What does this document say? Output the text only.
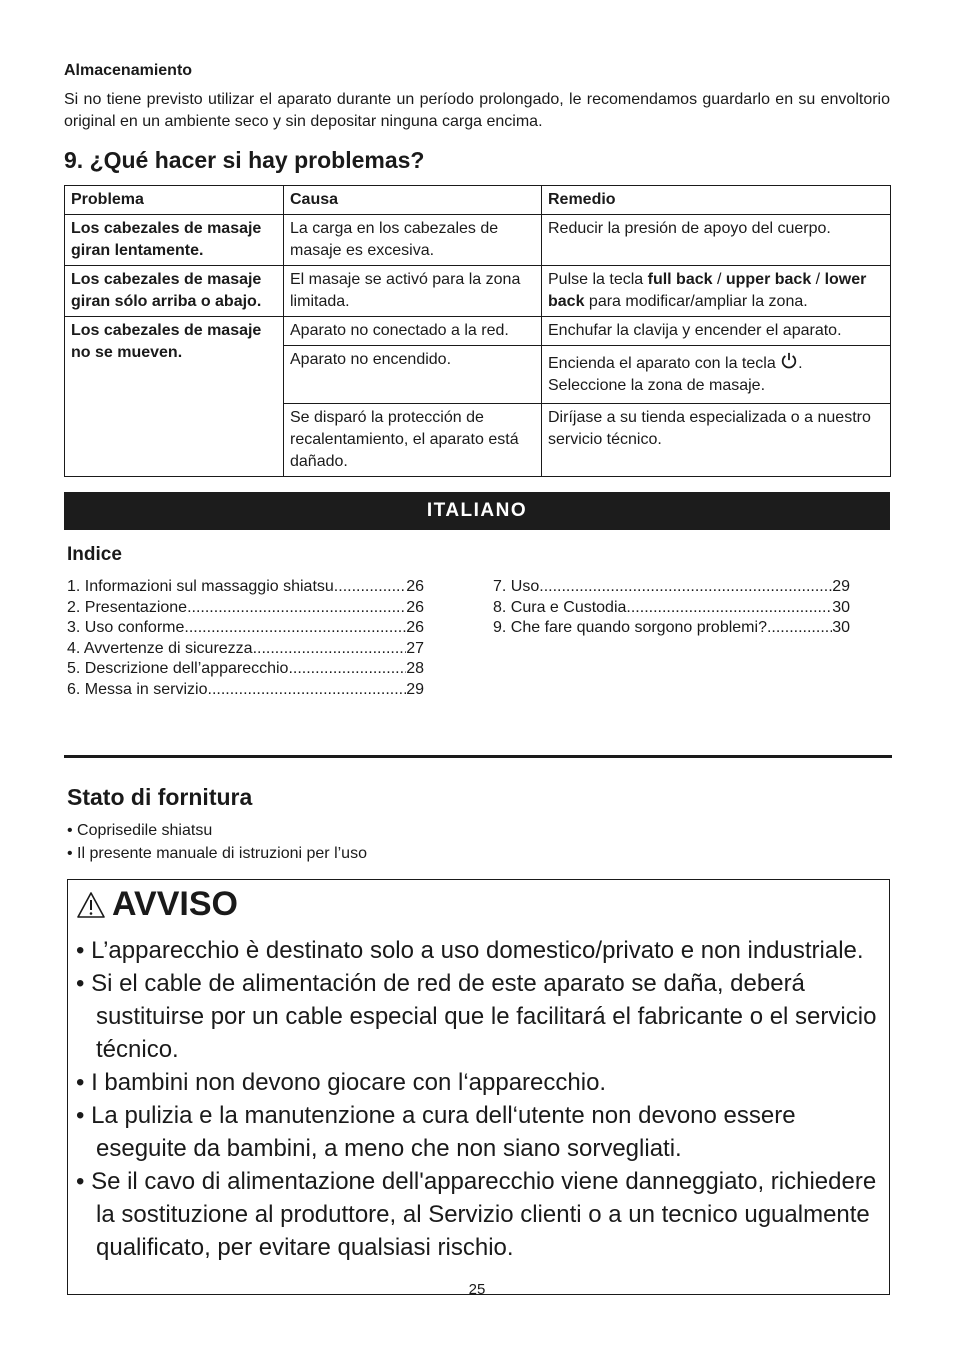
Almacenamiento
Si no tiene previsto utilizar el aparato durante un período prolongado, le recomendamos guardarlo en su envoltorio original en un ambiente seco y sin depositar ninguna carga encima.
9. ¿Qué hacer si hay problemas?
Problema	Causa	Remedio
Los cabezales de masaje giran lentamente.	La carga en los cabezales de masaje es excesiva.	Reducir la presión de apoyo del cuerpo.
Los cabezales de masaje giran sólo arriba o abajo.	El masaje se activó para la zona limitada.	Pulse la tecla full back / upper back / lower back para modificar/ampliar la zona.
Los cabezales de masaje no se mueven.	Aparato no conectado a la red.	Enchufar la clavija y encender el aparato.
	Aparato no encendido.	Encienda el aparato con la tecla . Seleccione la zona de masaje.
	Se disparó la protección de recalentamiento, el aparato está dañado.	Diríjase a su tienda especializada o a nuestro servicio técnico.
ITALIANO
Indice
1. Informazioni sul massaggio shiatsu .....	26
2. Presentazione .....	26
3. Uso conforme .....	26
4. Avvertenze di sicurezza .....	27
5. Descrizione dell’apparecchio .....	28
6. Messa in servizio .....	29
7. Uso .....	29
8. Cura e Custodia .....	30
9. Che fare quando sorgono problemi? .....	30
Stato di fornitura
• Coprisedile shiatsu
• Il presente manuale di istruzioni per l’uso
AVVISO
• L’apparecchio è destinato solo a uso domestico/privato e non industriale.
• Si el cable de alimentación de red de este aparato se daña, deberá sustituirse por un cable especial que le facilitará el fabricante o el servicio técnico.
• I bambini non devono giocare con l‘apparecchio.
• La pulizia e la manutenzione a cura dell‘utente non devono essere eseguite da bambini, a meno che non siano sorvegliati.
• Se il cavo di alimentazione dell'apparecchio viene danneggiato, richiedere la sostituzione al produttore, al Servizio clienti o a un tecnico ugualmente qualificato, per evitare qualsiasi rischio.
25
